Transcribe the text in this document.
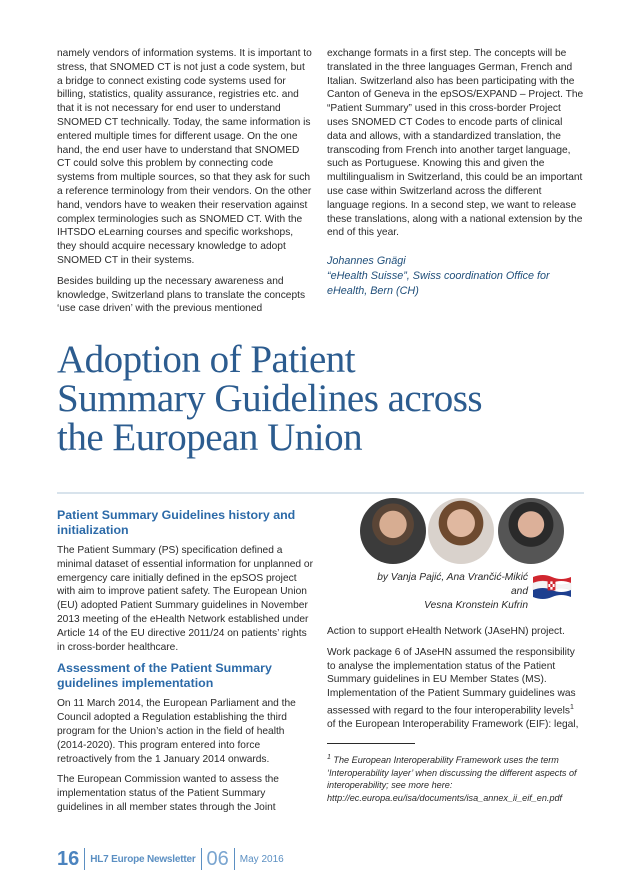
namely vendors of information systems. It is important to stress, that SNOMED CT is not just a code system, but a bridge to connect existing code systems used for billing, statistics, quality assurance, registries etc. and that it is not necessary for end user to understand SNOMED CT technically. Today, the same information is entered multiple times for different usage. On the one hand, the end user have to understand that SNOMED CT could solve this problem by connecting code systems from multiple sources, so that they ask for such a reference terminology from their vendors. On the other hand, vendors have to weaken their reservation against complex terminologies such as SNOMED CT. With the IHTSDO eLearning courses and specific workshops, they should acquire necessary knowledge to adopt SNOMED CT in their systems.

Besides building up the necessary awareness and knowledge, Switzerland plans to translate the concepts ‘use case driven’ with the previous mentioned

exchange formats in a first step. The concepts will be translated in the three languages German, French and Italian. Switzerland also has been participating with the Canton of Geneva in the epSOS/EXPAND – Project. The “Patient Summary” used in this cross-border Project uses SNOMED CT Codes to encode parts of clinical data and allows, with a standardized translation, the transcoding from French into another target language, such as Portuguese. Knowing this and given the multilingualism in Switzerland, this could be an important use case within Switzerland across the different language regions. In a second step, we want to release these translations, along with a national extension by the end of this year.

Johannes Gnägi
“eHealth Suisse”, Swiss coordination Office for eHealth, Bern (CH)
Adoption of Patient
Summary Guidelines across
the European Union
Patient Summary Guidelines history and initialization

The Patient Summary (PS) specification defined a minimal dataset of essential information for unplanned or emergency care initially defined in the epSOS project with aim to improve patient safety. The European Union (EU) adopted Patient Summary guidelines in November 2013 meeting of the eHealth Network established under Article 14 of the EU directive 2011/24 on patients’ rights in cross-border healthcare.

Assessment of the Patient Summary guidelines implementation

On 11 March 2014, the European Parliament and the Council adopted a Regulation establishing the third program for the Union’s action in the field of health (2014-2020). This program entered into force retroactively from the 1 January 2014 onwards.

The European Commission wanted to assess the implementation status of the Patient Summary guidelines in all member states through the Joint

by Vanja Pajić, Ana Vrančić-Mikić and
Vesna Kronstein Kufrin

Action to support eHealth Network (JAseHN) project.

Work package 6 of JAseHN assumed the responsibility to analyse the implementation status of the Patient Summary guidelines in EU Member States (MS). Implementation of the Patient Summary guidelines was assessed with regard to the four interoperability levels$^1$ of the European Interoperability Framework (EIF): legal,

$^1$ The European Interoperability Framework uses the term ‘Interoperability layer’ when discussing the different aspects of interoperability; see more here: http://ec.europa.eu/isa/documents/isa_annex_ii_eif_en.pdf
16 HL7 Europe Newsletter 06 May 2016
